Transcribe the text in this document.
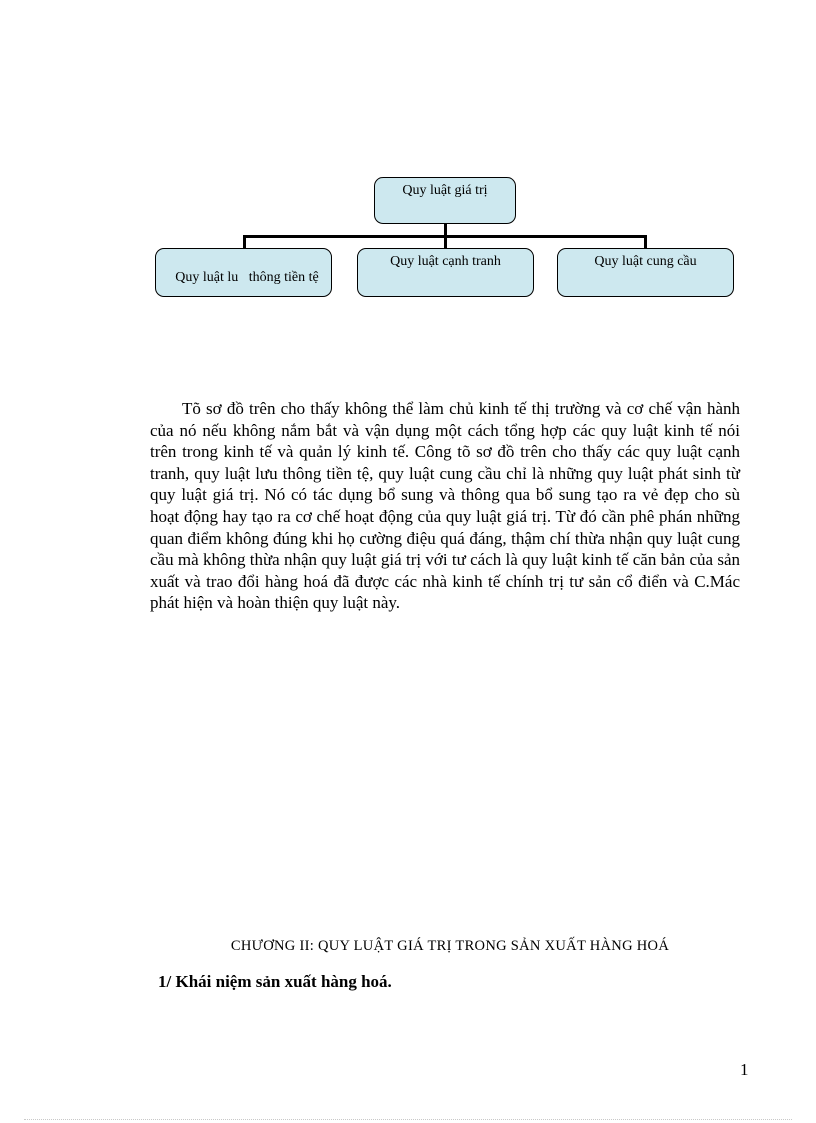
Quy luật giá trị

Quy luật lu   thông tiền tệ

Quy luật cạnh tranh	Quy luật cung cầu

Tõ sơ đồ trên cho thấy không thể làm chủ kinh tế thị trường và cơ chế vận hành của nó nếu không nắm bắt và vận dụng một cách tổng hợp các quy luật kinh tế nói trên trong kinh tế và quản lý kinh tế. Công tõ sơ đồ trên cho thấy các quy luật cạnh tranh, quy luật lưu thông tiền tệ, quy luật cung cầu chỉ là những quy luật phát sinh từ quy luật giá trị. Nó có tác dụng bổ sung và thông qua bổ sung tạo ra vẻ đẹp cho sù hoạt động hay tạo ra cơ chế hoạt động của quy luật giá trị. Từ đó cần phê phán những quan điểm không đúng khi họ cường điệu quá đáng, thậm chí thừa nhận quy luật cung cầu mà không thừa nhận quy luật giá trị với tư cách là quy luật kinh tế căn bản của sản xuất và trao đổi hàng hoá đã được các nhà kinh tế chính trị tư sản cổ điển và C.Mác phát hiện và hoàn thiện quy luật này.

CHƯƠNG II: QUY LUẬT GIÁ TRỊ TRONG SẢN XUẤT HÀNG HOÁ
1/ Khái niệm sản xuất hàng hoá.
1
